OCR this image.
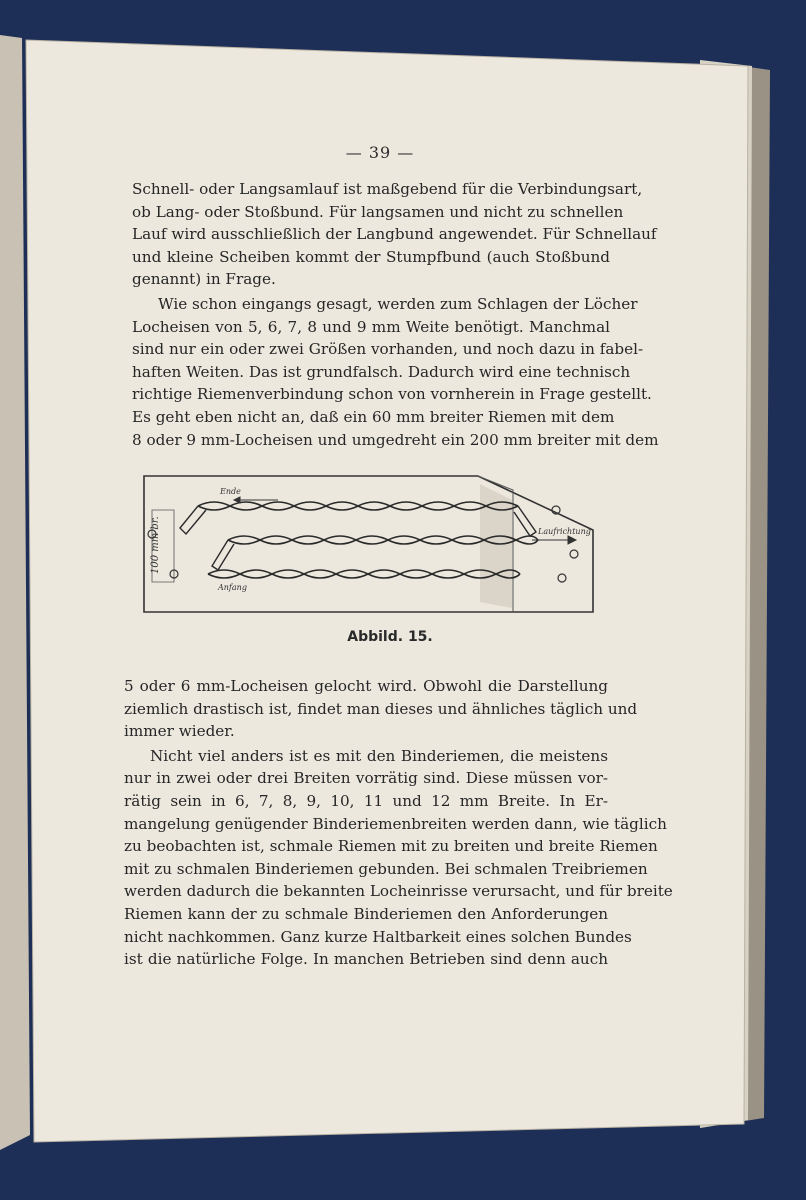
— 39 —
Schnell- oder Langsamlauf ist maßgebend für die Verbindungsart,
ob Lang- oder Stoßbund. Für langsamen und nicht zu schnellen
Lauf wird ausschließlich der Langbund angewendet. Für Schnellauf
und kleine Scheiben kommt der Stumpfbund (auch Stoßbund
genannt) in Frage.
Wie schon eingangs gesagt, werden zum Schlagen der Löcher
Locheisen von 5, 6, 7, 8 und 9 mm Weite benötigt. Manchmal
sind nur ein oder zwei Größen vorhanden, und noch dazu in fabel-
haften Weiten. Das ist grundfalsch. Dadurch wird eine technisch
richtige Riemenverbindung schon von vornherein in Frage gestellt.
Es geht eben nicht an, daß ein 60 mm breiter Riemen mit dem
8 oder 9 mm-Locheisen und umgedreht ein 200 mm breiter mit dem
100 mm br.
Ende
Anfang
Laufrichtung
Abbild. 15.
5 oder 6 mm-Locheisen gelocht wird. Obwohl die Darstellung
ziemlich drastisch ist, findet man dieses und ähnliches täglich und
immer wieder.
Nicht viel anders ist es mit den Binderiemen, die meistens
nur in zwei oder drei Breiten vorrätig sind. Diese müssen vor-
rätig sein in 6, 7, 8, 9, 10, 11 und 12 mm Breite. In Er-
mangelung genügender Binderiemenbreiten werden dann, wie täglich
zu beobachten ist, schmale Riemen mit zu breiten und breite Riemen
mit zu schmalen Binderiemen gebunden. Bei schmalen Treibriemen
werden dadurch die bekannten Locheinrisse verursacht, und für breite
Riemen kann der zu schmale Binderiemen den Anforderungen
nicht nachkommen. Ganz kurze Haltbarkeit eines solchen Bundes
ist die natürliche Folge. In manchen Betrieben sind denn auch
